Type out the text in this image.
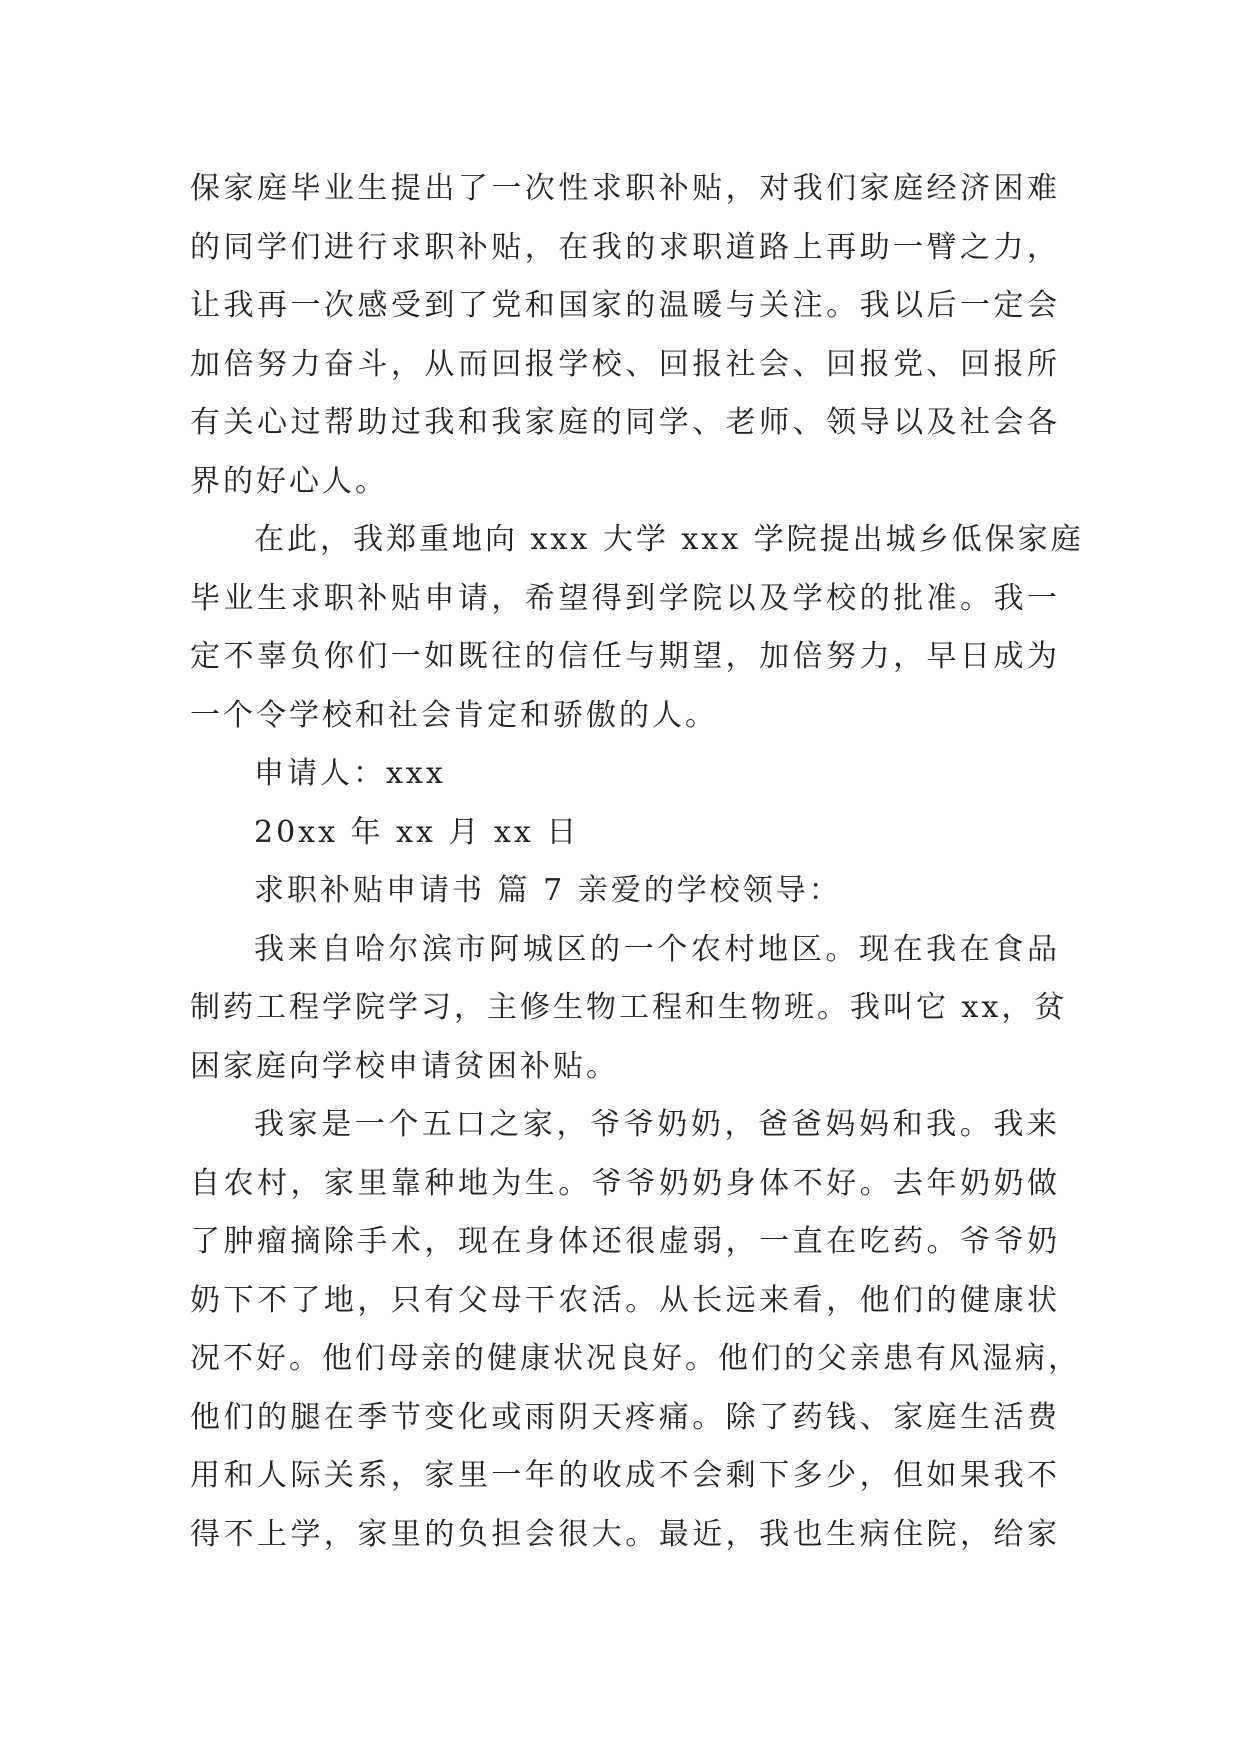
保家庭毕业生提出了一次性求职补贴，对我们家庭经济困难
的同学们进行求职补贴，在我的求职道路上再助一臂之力，
让我再一次感受到了党和国家的温暖与关注。我以后一定会
加倍努力奋斗，从而回报学校、回报社会、回报党、回报所
有关心过帮助过我和我家庭的同学、老师、领导以及社会各
界的好心人。
在此，我郑重地向 xxx 大学 xxx 学院提出城乡低保家庭
毕业生求职补贴申请，希望得到学院以及学校的批准。我一
定不辜负你们一如既往的信任与期望，加倍努力，早日成为
一个令学校和社会肯定和骄傲的人。
申请人：xxx
20xx 年 xx 月 xx 日
求职补贴申请书 篇 7 亲爱的学校领导：
我来自哈尔滨市阿城区的一个农村地区。现在我在食品
制药工程学院学习，主修生物工程和生物班。我叫它 xx，贫
困家庭向学校申请贫困补贴。
我家是一个五口之家，爷爷奶奶，爸爸妈妈和我。我来
自农村，家里靠种地为生。爷爷奶奶身体不好。去年奶奶做
了肿瘤摘除手术，现在身体还很虚弱，一直在吃药。爷爷奶
奶下不了地，只有父母干农活。从长远来看，他们的健康状
况不好。他们母亲的健康状况良好。他们的父亲患有风湿病，
他们的腿在季节变化或雨阴天疼痛。除了药钱、家庭生活费
用和人际关系，家里一年的收成不会剩下多少，但如果我不
得不上学，家里的负担会很大。最近，我也生病住院，给家
